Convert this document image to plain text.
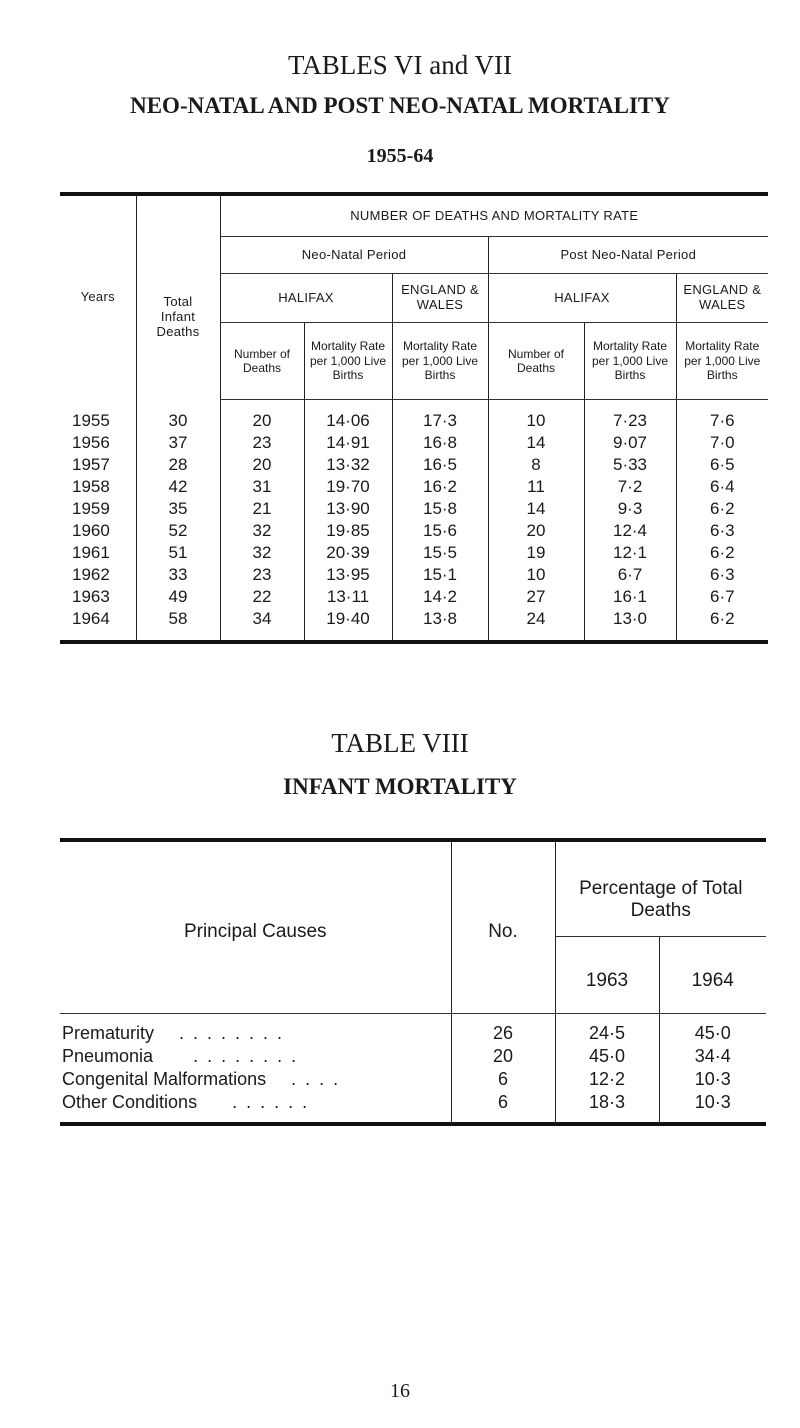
TABLES VI and VII
NEO-NATAL AND POST NEO-NATAL MORTALITY
1955-64
Years	Total Infant Deaths	NUMBER OF DEATHS AND MORTALITY RATE					
		Neo-Natal Period			Post Neo-Natal Period		
		HALIFAX		ENGLAND & WALES	HALIFAX		ENGLAND & WALES
		Number of Deaths	Mortality Rate per 1,000 Live Births	Mortality Rate per 1,000 Live Births	Number of Deaths	Mortality Rate per 1,000 Live Births	Mortality Rate per 1,000 Live Births
1955	30	20	14·06	17·3	10	7·23	7·6
1956	37	23	14·91	16·8	14	9·07	7·0
1957	28	20	13·32	16·5	8	5·33	6·5
1958	42	31	19·70	16·2	11	7·2	6·4
1959	35	21	13·90	15·8	14	9·3	6·2
1960	52	32	19·85	15·6	20	12·4	6·3
1961	51	32	20·39	15·5	19	12·1	6·2
1962	33	23	13·95	15·1	10	6·7	6·3
1963	49	22	13·11	14·2	27	16·1	6·7
1964	58	34	19·40	13·8	24	13·0	6·2
TABLE VIII
INFANT MORTALITY
Principal Causes	No.	Percentage of Total Deaths	
		1963	1964
Prematurity . . . . . . . .	26	24·5	45·0
Pneumonia . . . . . . . .	20	45·0	34·4
Congenital Malformations . . . .	6	12·2	10·3
Other Conditions . . . . . .	6	18·3	10·3
16
